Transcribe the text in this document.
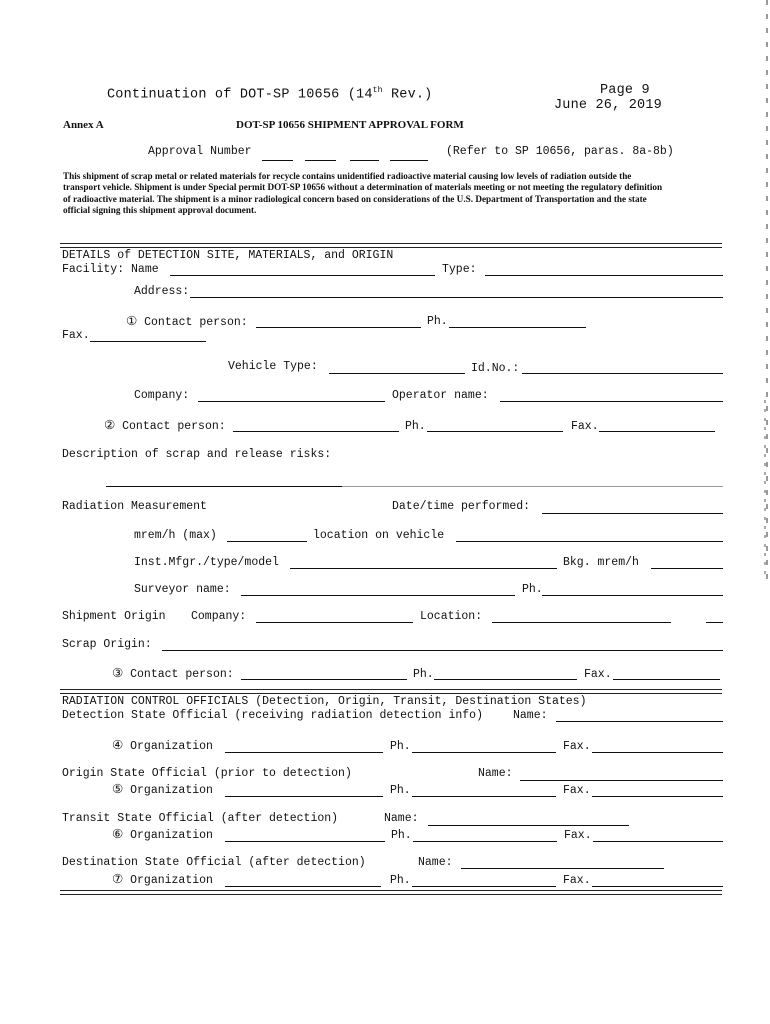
Continuation of DOT-SP 10656 (14th Rev.)	Page 9
June 26, 2019
Annex A	DOT-SP 10656 SHIPMENT APPROVAL FORM
Approval Number	(Refer to SP 10656, paras. 8a-8b)
This shipment of scrap metal or related materials for recycle contains unidentified radioactive material causing low levels of radiation outside the transport vehicle. Shipment is under Special permit DOT-SP 10656 without a determination of materials meeting or not meeting the regulatory definition of radioactive material. The shipment is a minor radiological concern based on considerations of the U.S. Department of Transportation and the state official signing this shipment approval document.
DETAILS of DETECTION SITE, MATERIALS, and ORIGIN
Facility: Name	Type:
Address:
① Contact person:	Ph.
Fax.
Vehicle Type:	Id.No.:
Company:	Operator name:
② Contact person:	Ph.	Fax.
Description of scrap and release risks:
Radiation Measurement	Date/time performed:
mrem/h (max)	location on vehicle
Inst.Mfgr./type/model	Bkg. mrem/h
Surveyor name:	Ph.
Shipment Origin Company:	Location:
Scrap Origin:
③ Contact person:	Ph.	Fax.
RADIATION CONTROL OFFICIALS (Detection, Origin, Transit, Destination States)
Detection State Official (receiving radiation detection info)	Name:
④ Organization	Ph.	Fax.
Origin State Official (prior to detection)	Name:
⑤ Organization	Ph.	Fax.
Transit State Official (after detection)	Name:
⑥ Organization	Ph.	Fax.
Destination State Official (after detection)	Name:
⑦ Organization	Ph.	Fax.
